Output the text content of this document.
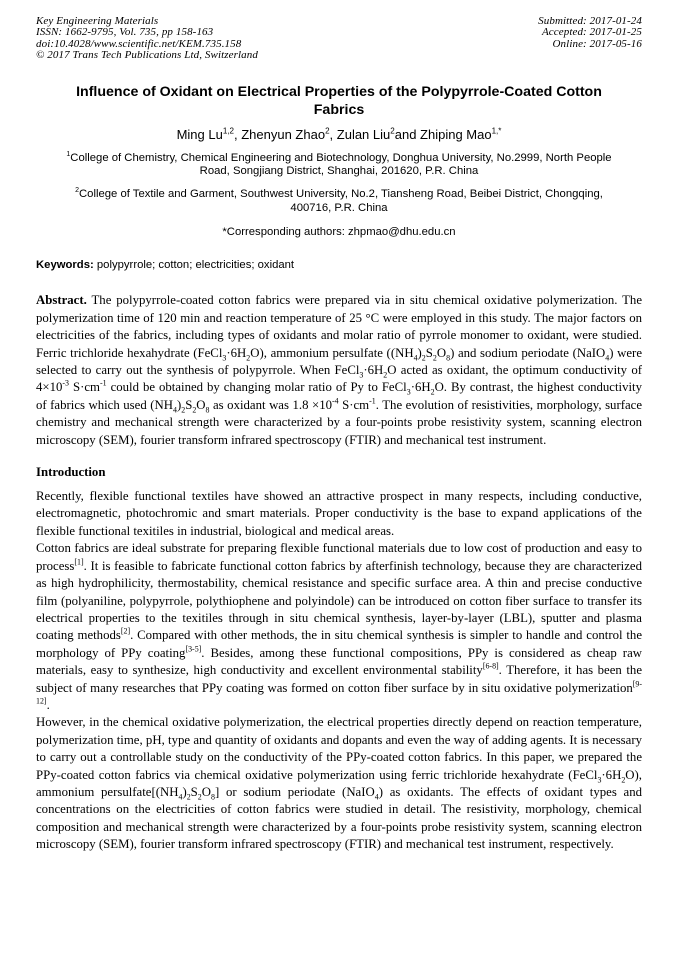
Key Engineering Materials
ISSN: 1662-9795, Vol. 735, pp 158-163
doi:10.4028/www.scientific.net/KEM.735.158
© 2017 Trans Tech Publications Ltd, Switzerland
Submitted: 2017-01-24
Accepted: 2017-01-25
Online: 2017-05-16
Influence of Oxidant on Electrical Properties of the Polypyrrole-Coated Cotton Fabrics

Ming Lu$^{1,2}$, Zhenyun Zhao$^2$, Zulan Liu$^2$and Zhiping Mao$^{1,*}$

$^1$College of Chemistry, Chemical Engineering and Biotechnology, Donghua University, No.2999, North People Road, Songjiang District, Shanghai, 201620, P.R. China

$^2$College of Textile and Garment, Southwest University, No.2, Tiansheng Road, Beibei District, Chongqing, 400716, P.R. China

*Corresponding authors: zhpmao@dhu.edu.cn

Keywords: polypyrrole; cotton; electricities; oxidant

Abstract. The polypyrrole-coated cotton fabrics were prepared via in situ chemical oxidative polymerization. The polymerization time of 120 min and reaction temperature of 25 °C were employed in this study. The major factors on electricities of the fabrics, including types of oxidants and molar ratio of pyrrole monomer to oxidant, were studied. Ferric trichloride hexahydrate $(FeCl_3\cdot 6H_2O)$, ammonium persulfate $((NH_4)_2S_2O_8)$ and sodium periodate (NaIO$_4$) were selected to carry out the synthesis of polypyrrole. When $FeCl_3\cdot 6H_2O$ acted as oxidant, the optimum conductivity of $4\times 10^{-3}$ $S\cdot cm^{-1}$ could be obtained by changing molar ratio of Py to $FeCl_3\cdot 6H_2O$. By contrast, the highest conductivity of fabrics which used $(NH_4)_2S_2O_8$ as oxidant was $1.8 \times 10^{-4}$ $S\cdot cm^{-1}$. The evolution of resistivities, morphology, surface chemistry and mechanical strength were characterized by a four-points probe resistivity system, scanning electron microscopy (SEM), fourier transform infrared spectroscopy (FTIR) and mechanical test instrument.

Introduction

Recently, flexible functional textiles have showed an attractive prospect in many respects, including conductive, electromagnetic, photochromic and smart materials. Proper conductivity is the base to expand applications of the flexible functional texitiles in industrial, biological and medical areas.

Cotton fabrics are ideal substrate for preparing flexible functional materials due to low cost of production and easy to process[1]. It is feasible to fabricate functional cotton fabrics by afterfinish technology, because they are characterized as high hydrophilicity, thermostability, chemical resistance and specific surface area. A thin and precise conductive film (polyaniline, polypyrrole, polythiophene and polyindole) can be introduced on cotton fiber surface to transfer its electrical properties to the texitiles through in situ chemical synthesis, layer-by-layer (LBL), sputter and plasma coating methods[2]. Compared with other methods, the in situ chemical synthesis is simpler to handle and control the morphology of PPy coating[3-5]. Besides, among these functional compositions, PPy is considered as cheap raw materials, easy to synthesize, high conductivity and excellent environmental stability[6-8]. Therefore, it has been the subject of many researches that PPy coating was formed on cotton fiber surface by in situ oxidative polymerization[9-12].

However, in the chemical oxidative polymerization, the electrical properties directly depend on reaction temperature, polymerization time, pH, type and quantity of oxidants and dopants and even the way of adding agents. It is necessary to carry out a controllable study on the conductivity of the PPy-coated cotton fabrics. In this paper, we prepared the PPy-coated cotton fabrics via chemical oxidative polymerization using ferric trichloride hexahydrate $(FeCl_3\cdot 6H_2O)$, ammonium $persulfate[(NH_4)_2S_2O_8]$ or sodium periodate (NaIO$_4$) as oxidants. The effects of oxidant types and concentrations on the electricities of cotton fabrics were studied in detail. The resistivity, morphology, chemical composition and mechanical strength were characterized by a four-points probe resistivity system, scanning electron microscopy (SEM), fourier transform infrared spectroscopy (FTIR) and mechanical test instrument, respectively.
